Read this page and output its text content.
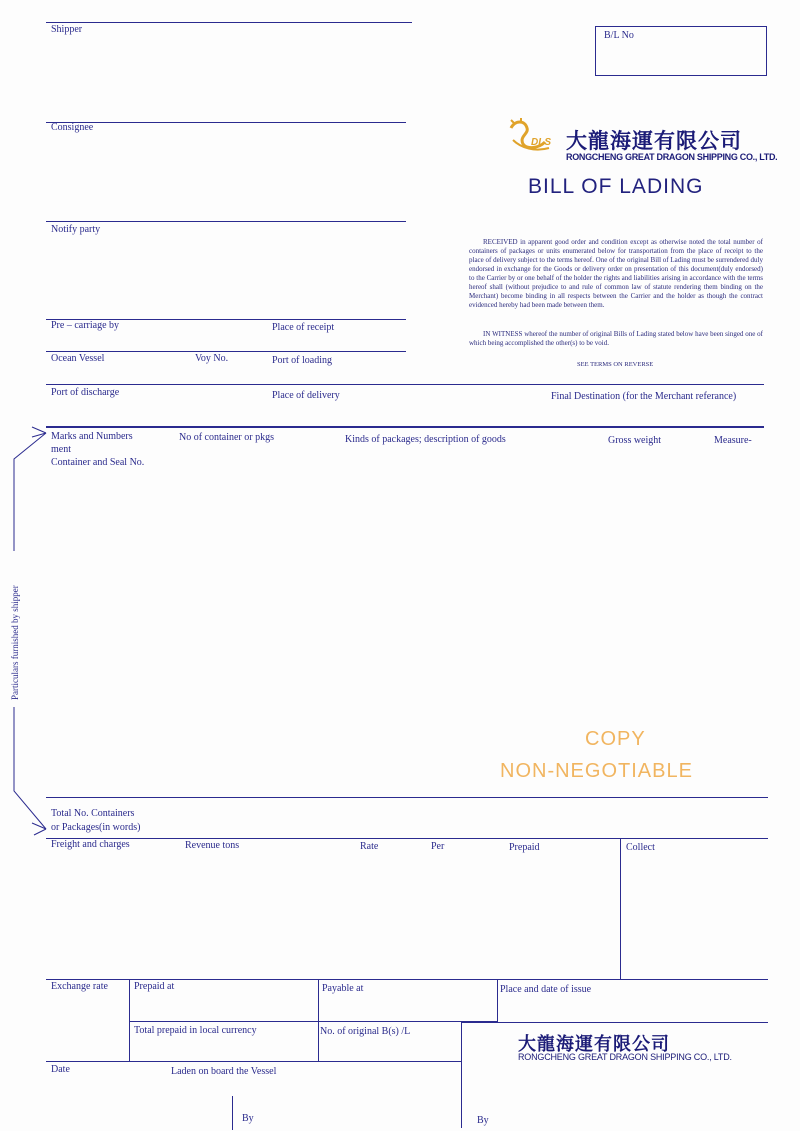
Shipper
Consignee
Notify party
B/L No
DLS 大龍海運有限公司
RONGCHENG GREAT DRAGON SHIPPING CO., LTD.
BILL OF LADING
RECEIVED in apparent good order and condition except as otherwise noted the total number of containers of packages or units enumerated below for transportation from the place of receipt to the place of delivery subject to the terms hereof. One of the original Bill of Lading must be surrendered duly endorsed in exchange for the Goods or delivery order on presentation of this document(duly endorsed) to the Carrier by or one behalf of the holder the rights and liabilities arising in accordance with the terms hereof shall (without prejudice to and rule of common law of statute rendering them binding on the Merchant) become binding in all respects between the Carrier and the holder as though the contract evidenced hereby had been made between them.
IN WITNESS whereof the number of original Bills of Lading stated below have been singed one of which being accomplished the other(s) to be void.
SEE TERMS ON REVERSE
Pre – carriage by	Place of receipt
Ocean Vessel	Voy No.	Port of loading
Port of discharge	Place of delivery	Final Destination (for the Merchant referance)
Marks and Numbers
ment
Container and Seal No.
No of container or pkgs	Kinds of packages; description of goods	Gross weight	Measure-
Particulars furnished by shipper
COPY
NON-NEGOTIABLE
Total No. Containers
or Packages(in words)
Freight and charges	Revenue tons	Rate	Per	Prepaid	Collect
Exchange rate	Prepaid at	Payable at	Place and date of issue
Total prepaid in local currency	No. of original B(s) /L
大龍海運有限公司
RONGCHENG GREAT DRAGON SHIPPING CO., LTD.
Date	Laden on board the Vessel
By	By
